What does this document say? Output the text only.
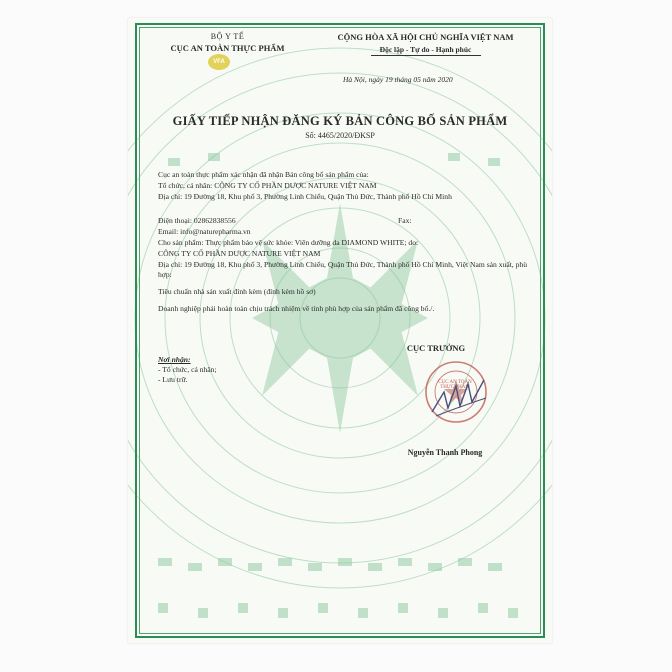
BỘ Y TẾ
CỤC AN TOÀN THỰC PHẨM
VFA
CỘNG HÒA XÃ HỘI CHỦ NGHĨA VIỆT NAM
Độc lập - Tự do - Hạnh phúc
Hà Nội, ngày 19 tháng 05 năm 2020
GIẤY TIẾP NHẬN ĐĂNG KÝ BẢN CÔNG BỐ SẢN PHẨM
Số: 4465/2020/ĐKSP
Cục an toàn thực phẩm xác nhận đã nhận Bản công bố sản phẩm của:
Tổ chức, cá nhân: CÔNG TY CỔ PHẦN DƯỢC NATURE VIỆT NAM
Địa chỉ: 19 Đường 18, Khu phố 3, Phường Linh Chiểu, Quận Thủ Đức, Thành phố Hồ Chí Minh
Điện thoại: 02862838556	Fax:
Email: info@naturepharma.vn
Cho sản phẩm: Thực phẩm bảo vệ sức khỏe: Viên dưỡng da DIAMOND WHITE; do:
CÔNG TY CỔ PHẦN DƯỢC NATURE VIỆT NAM
Địa chỉ: 19 Đường 18, Khu phố 3, Phường Linh Chiểu, Quận Thủ Đức, Thành phố Hồ Chí Minh, Việt Nam sản xuất, phù hợp:
Tiêu chuẩn nhà sản xuất đính kèm (đính kèm hồ sơ)
Doanh nghiệp phải hoàn toàn chịu trách nhiệm về tính phù hợp của sản phẩm đã công bố./.
Nơi nhận:
- Tổ chức, cá nhân;
- Lưu trữ.
CỤC TRƯỞNG
CỤC AN TOÀN THỰC PHẨM
Nguyễn Thanh Phong
